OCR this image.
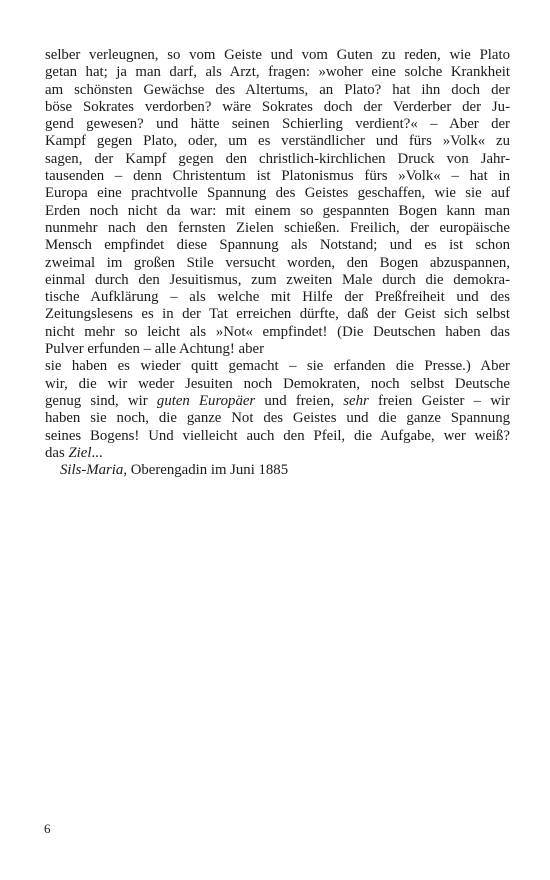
selber verleugnen, so vom Geiste und vom Guten zu reden, wie Plato
getan hat; ja man darf, als Arzt, fragen: »woher eine solche Krankheit
am schönsten Gewächse des Altertums, an Plato? hat ihn doch der
böse Sokrates verdorben? wäre Sokrates doch der Verderber der Ju-
gend gewesen? und hätte seinen Schierling verdient?« – Aber der
Kampf gegen Plato, oder, um es verständlicher und fürs »Volk« zu
sagen, der Kampf gegen den christlich-kirchlichen Druck von Jahr-
tausenden – denn Christentum ist Platonismus fürs »Volk« – hat in
Europa eine prachtvolle Spannung des Geistes geschaffen, wie sie auf
Erden noch nicht da war: mit einem so gespannten Bogen kann man
nunmehr nach den fernsten Zielen schießen. Freilich, der europäische
Mensch empfindet diese Spannung als Notstand; und es ist schon
zweimal im großen Stile versucht worden, den Bogen abzuspannen,
einmal durch den Jesuitismus, zum zweiten Male durch die demokra-
tische Aufklärung – als welche mit Hilfe der Preßfreiheit und des
Zeitungslesens es in der Tat erreichen dürfte, daß der Geist sich selbst
nicht mehr so leicht als »Not« empfindet! (Die Deutschen haben das
Pulver erfunden – alle Achtung! aber
sie haben es wieder quitt gemacht – sie erfanden die Presse.) Aber
wir, die wir weder Jesuiten noch Demokraten, noch selbst Deutsche
genug sind, wir guten Europäer und freien, sehr freien Geister – wir
haben sie noch, die ganze Not des Geistes und die ganze Spannung
seines Bogens! Und vielleicht auch den Pfeil, die Aufgabe, wer weiß?
das Ziel...
Sils-Maria, Oberengadin im Juni 1885
6
